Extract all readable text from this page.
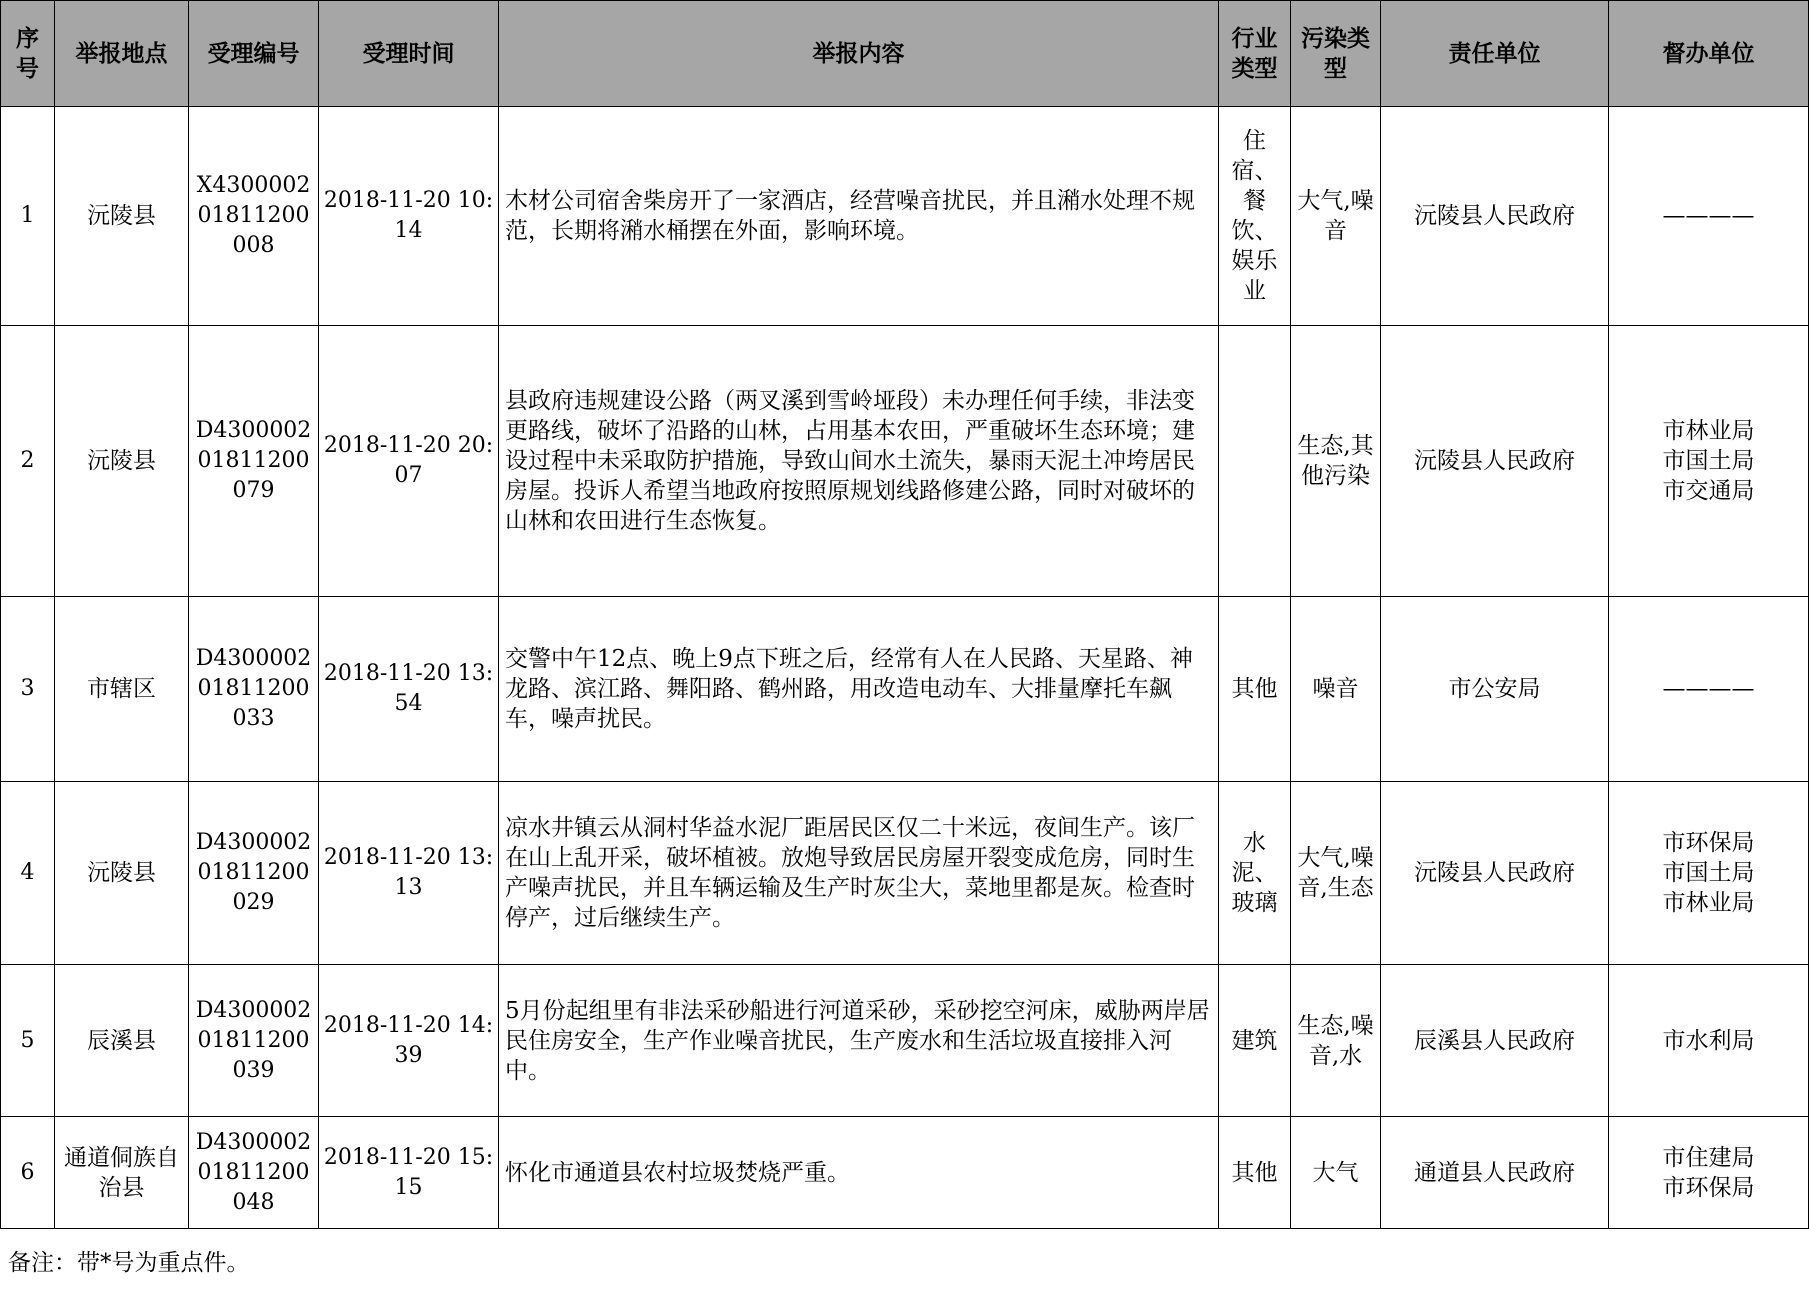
序号	举报地点	受理编号	受理时间	举报内容	行业类型	污染类型	责任单位	督办单位
1	沅陵县	X430000201811200008	2018-11-20 10:14	木材公司宿舍柴房开了一家酒店，经营噪音扰民，并且潲水处理不规范，长期将潲水桶摆在外面，影响环境。	住宿、餐饮、娱乐业	大气,噪音	沅陵县人民政府	————
2	沅陵县	D430000201811200079	2018-11-20 20:07	县政府违规建设公路（两叉溪到雪岭垭段）未办理任何手续，非法变更路线，破坏了沿路的山林，占用基本农田，严重破坏生态环境；建设过程中未采取防护措施，导致山间水土流失，暴雨天泥土冲垮居民房屋。投诉人希望当地政府按照原规划线路修建公路，同时对破坏的山林和农田进行生态恢复。		生态,其他污染	沅陵县人民政府	市林业局
市国土局
市交通局
3	市辖区	D430000201811200033	2018-11-20 13:54	交警中午12点、晚上9点下班之后，经常有人在人民路、天星路、神龙路、滨江路、舞阳路、鹤州路，用改造电动车、大排量摩托车飙车，噪声扰民。	其他	噪音	市公安局	————
4	沅陵县	D430000201811200029	2018-11-20 13:13	凉水井镇云从洞村华益水泥厂距居民区仅二十米远，夜间生产。该厂在山上乱开采，破坏植被。放炮导致居民房屋开裂变成危房，同时生产噪声扰民，并且车辆运输及生产时灰尘大，菜地里都是灰。检查时停产，过后继续生产。	水泥、玻璃	大气,噪音,生态	沅陵县人民政府	市环保局
市国土局
市林业局
5	辰溪县	D430000201811200039	2018-11-20 14:39	5月份起组里有非法采砂船进行河道采砂，采砂挖空河床，威胁两岸居民住房安全，生产作业噪音扰民，生产废水和生活垃圾直接排入河中。	建筑	生态,噪音,水	辰溪县人民政府	市水利局
6	通道侗族自治县	D430000201811200048	2018-11-20 15:15	怀化市通道县农村垃圾焚烧严重。	其他	大气	通道县人民政府	市住建局
市环保局
备注：带*号为重点件。
